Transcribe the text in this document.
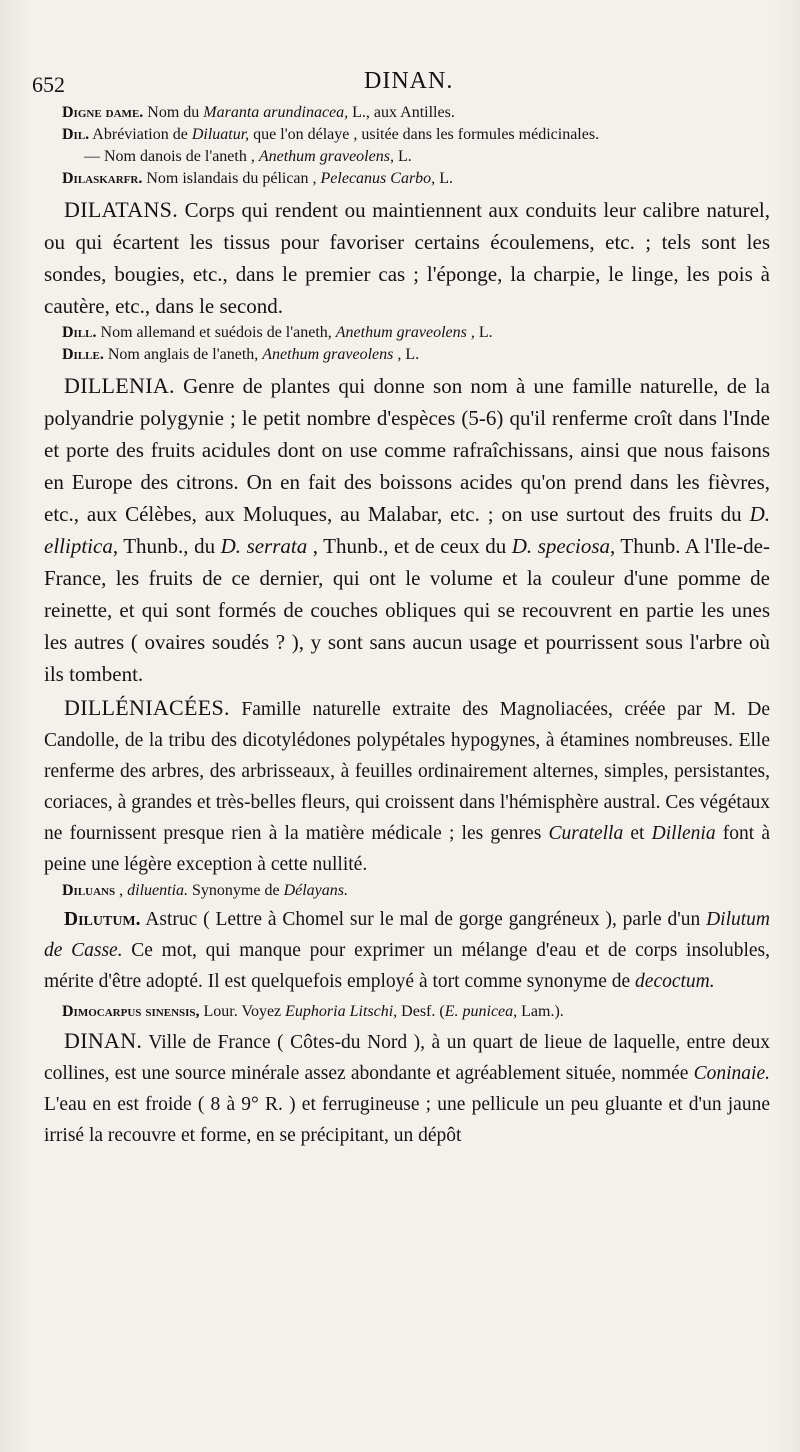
652	DINAN.

Digne dame. Nom du Maranta arundinacea, L., aux Antilles.

Dil. Abréviation de Diluatur, que l'on délaye , usitée dans les formules médicinales.

— Nom danois de l'aneth , Anethum graveolens, L.

Dilaskarfr. Nom islandais du pélican , Pelecanus Carbo, L.

DILATANS. Corps qui rendent ou maintiennent aux conduits leur calibre naturel, ou qui écartent les tissus pour favoriser certains écoulemens, etc. ; tels sont les sondes, bougies, etc., dans le premier cas ; l'éponge, la charpie, le linge, les pois à cautère, etc., dans le second.

Dill. Nom allemand et suédois de l'aneth, Anethum graveolens , L.

Dille. Nom anglais de l'aneth, Anethum graveolens , L.

DILLENIA. Genre de plantes qui donne son nom à une famille naturelle, de la polyandrie polygynie ; le petit nombre d'espèces (5-6) qu'il renferme croît dans l'Inde et porte des fruits acidules dont on use comme rafraîchissans, ainsi que nous faisons en Europe des citrons. On en fait des boissons acides qu'on prend dans les fièvres, etc., aux Célèbes, aux Moluques, au Malabar, etc. ; on use surtout des fruits du D. elliptica, Thunb., du D. serrata , Thunb., et de ceux du D. speciosa, Thunb. A l'Ile-de-France, les fruits de ce dernier, qui ont le volume et la couleur d'une pomme de reinette, et qui sont formés de couches obliques qui se recouvrent en partie les unes les autres ( ovaires soudés ? ), y sont sans aucun usage et pourrissent sous l'arbre où ils tombent.

DILLÉNIACÉES. Famille naturelle extraite des Magnoliacées, créée par M. De Candolle, de la tribu des dicotylédones polypétales hypogynes, à étamines nombreuses. Elle renferme des arbres, des arbrisseaux, à feuilles ordinairement alternes, simples, persistantes, coriaces, à grandes et très-belles fleurs, qui croissent dans l'hémisphère austral. Ces végétaux ne fournissent presque rien à la matière médicale ; les genres Curatella et Dillenia font à peine une légère exception à cette nullité.

Diluans , diluentia. Synonyme de Délayans.

Dilutum. Astruc ( Lettre à Chomel sur le mal de gorge gangréneux ), parle d'un Dilutum de Casse. Ce mot, qui manque pour exprimer un mélange d'eau et de corps insolubles, mérite d'être adopté. Il est quelquefois employé à tort comme synonyme de decoctum.

Dimocarpus sinensis, Lour. Voyez Euphoria Litschi, Desf. (E. punicea, Lam.).

DINAN. Ville de France ( Côtes-du Nord ), à un quart de lieue de laquelle, entre deux collines, est une source minérale assez abondante et agréablement située, nommée Coninaie. L'eau en est froide ( 8 à 9° R. ) et ferrugineuse ; une pellicule un peu gluante et d'un jaune irrisé la recouvre et forme, en se précipitant, un dépôt
